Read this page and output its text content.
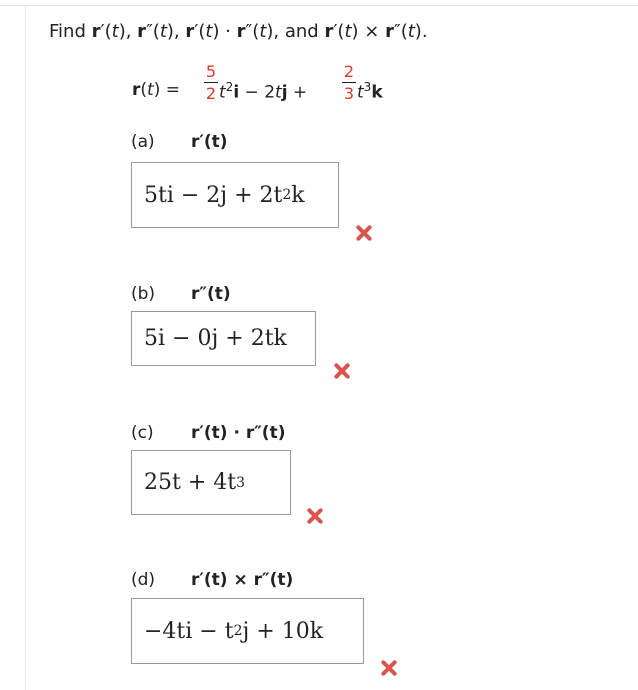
Find r′(t), r″(t), r′(t) · r″(t), and r′(t) × r″(t).
r(t) =
5
2 $t^2i - 2tj$ +
2
3 $t^3k$
(a) r′(t)
5ti − 2j + 2t 2 k
(b) r″(t)
5i − 0j + 2tk
(c) r′(t) · r″(t)
25t + 4t 3
(d) r′(t) × r″(t)
−4ti − t 2 j + 10k
